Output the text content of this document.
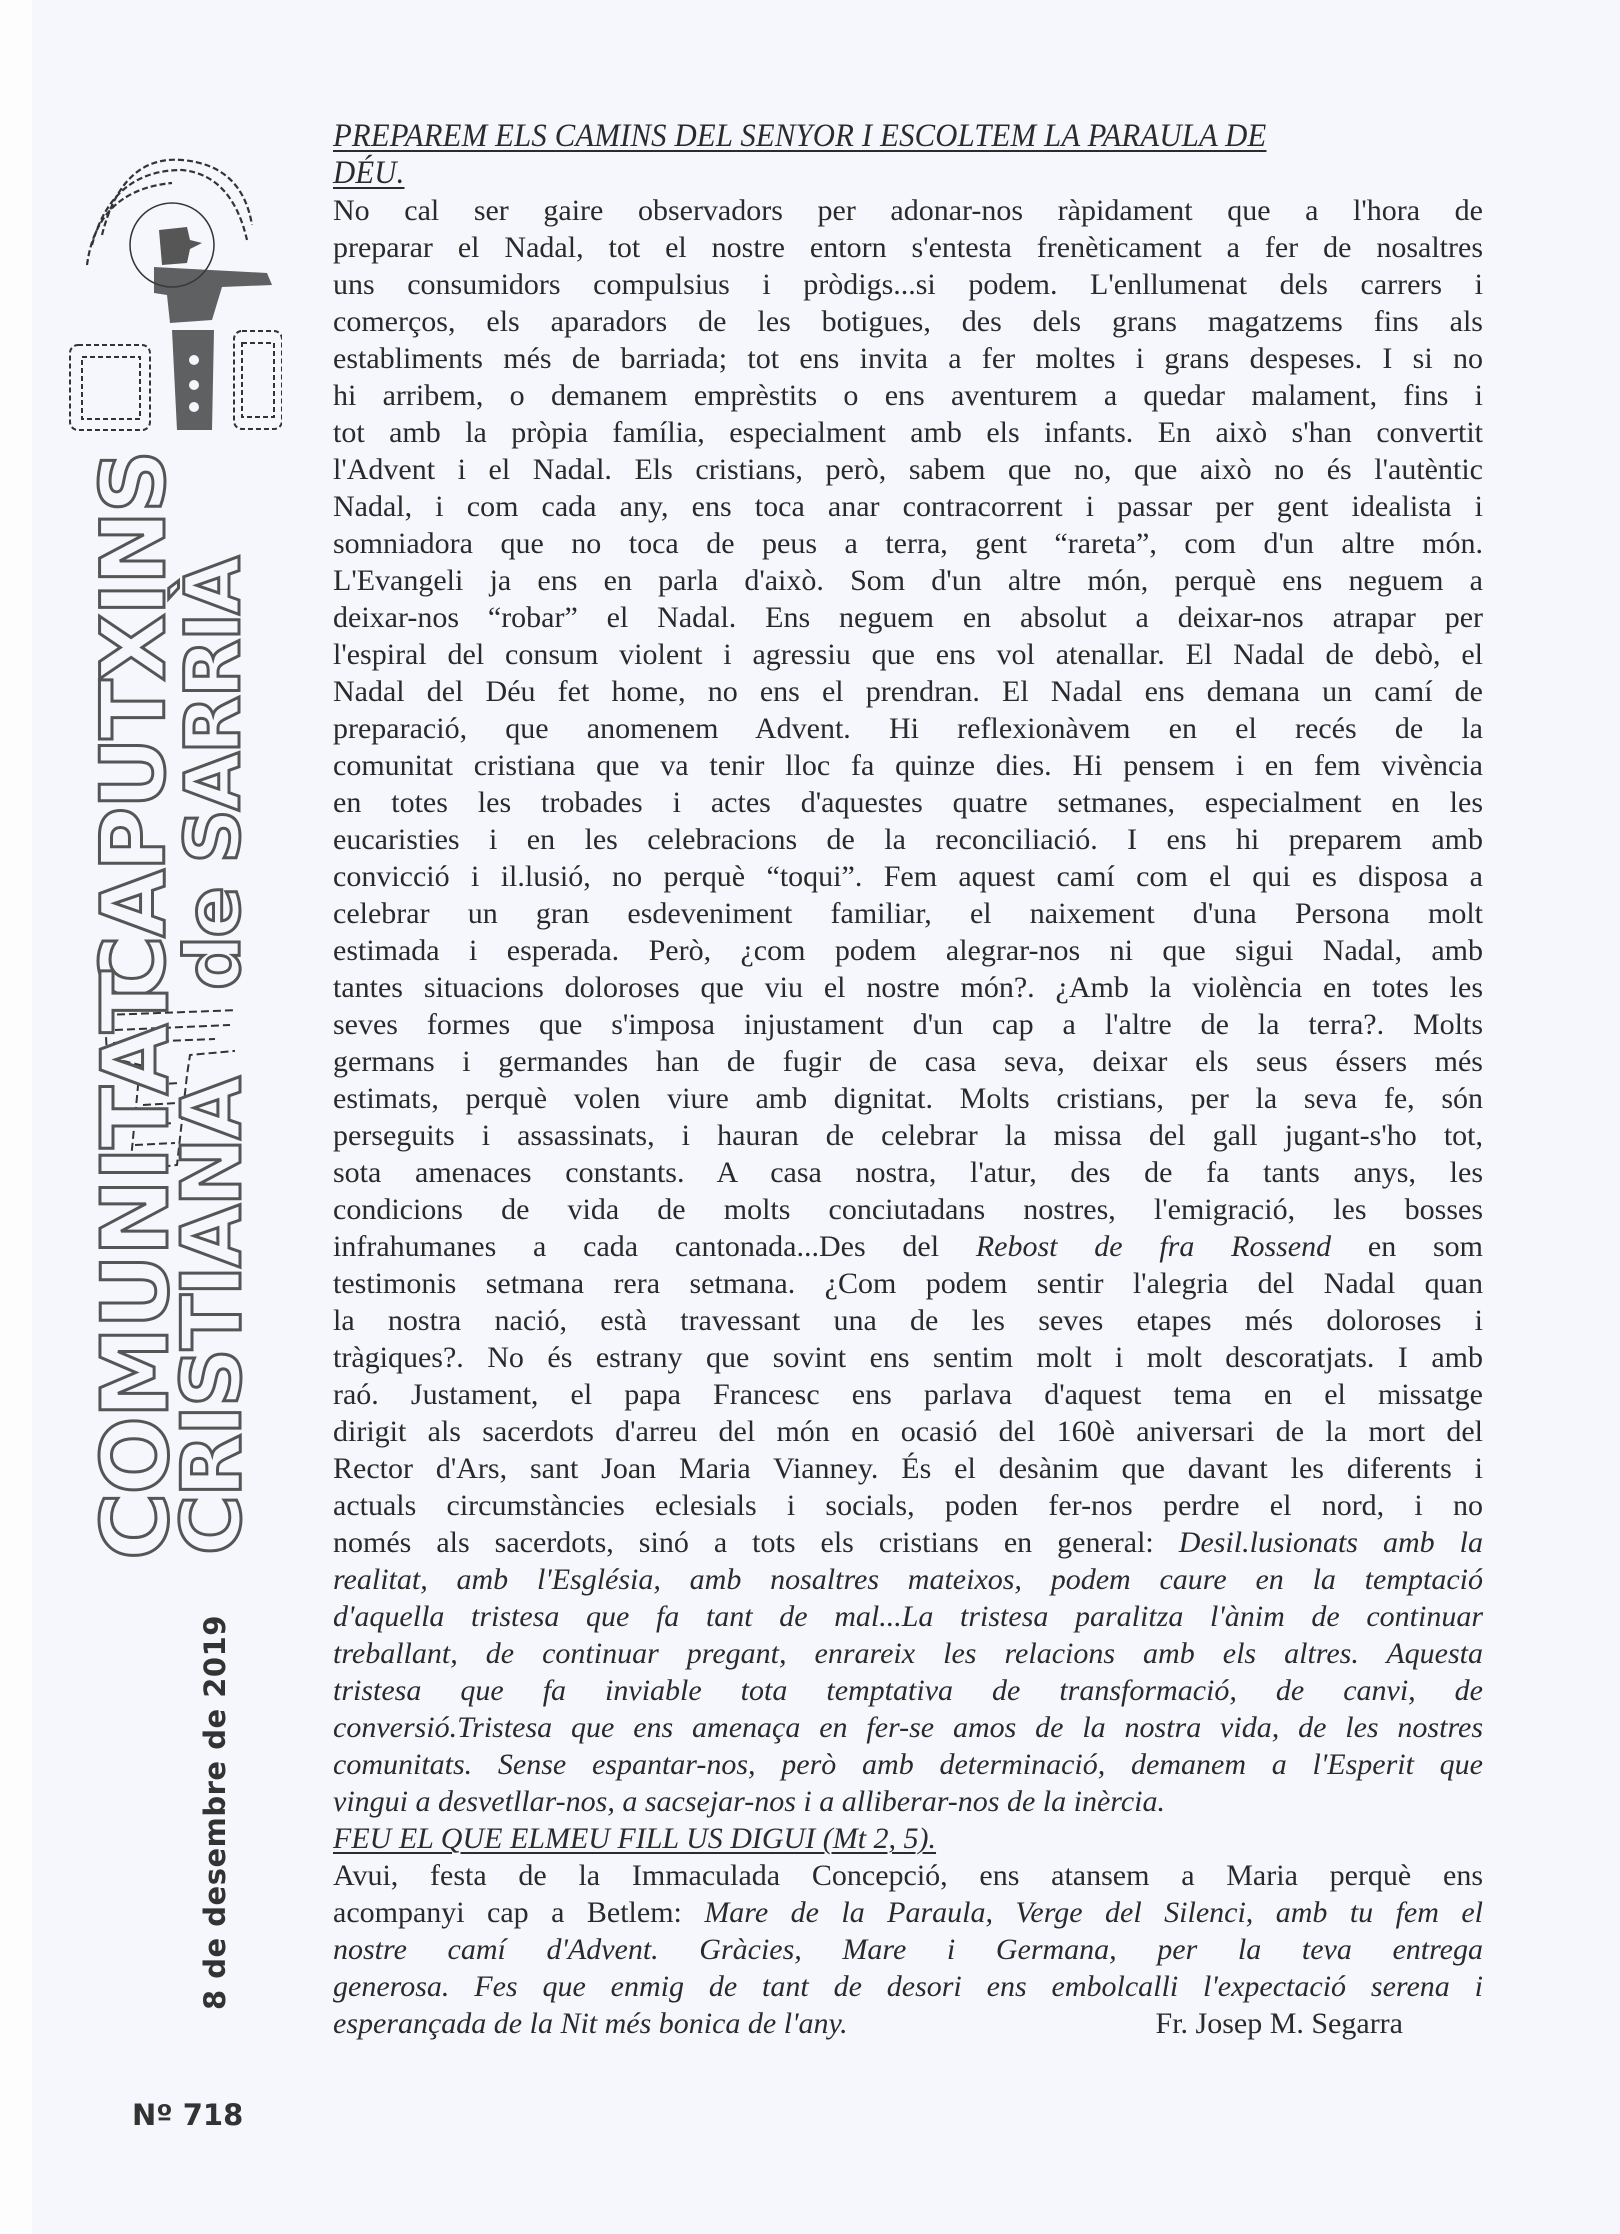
CAPUTXINS
de SARRIÀ
COMUNITAT
CRISTIANA
8 de desembre de 2019
Nº 718
PREPAREM ELS CAMINS DEL SENYOR I ESCOLTEM LA PARAULA DE
DÉU.
No cal ser gaire observadors per adonar-nos ràpidament que a l'hora de
preparar el Nadal, tot el nostre entorn s'entesta frenèticament a fer de nosaltres
uns consumidors compulsius i pròdigs...si podem. L'enllumenat dels carrers i
comerços, els aparadors de les botigues, des dels grans magatzems fins als
establiments més de barriada; tot ens invita a fer moltes i grans despeses. I si no
hi arribem, o demanem emprèstits o ens aventurem a quedar malament, fins i
tot amb la pròpia família, especialment amb els infants. En això s'han convertit
l'Advent i el Nadal. Els cristians, però, sabem que no, que això no és l'autèntic
Nadal, i com cada any, ens toca anar contracorrent i passar per gent idealista i
somniadora que no toca de peus a terra, gent “rareta”, com d'un altre món.
L'Evangeli ja ens en parla d'això. Som d'un altre món, perquè ens neguem a
deixar-nos “robar” el Nadal. Ens neguem en absolut a deixar-nos atrapar per
l'espiral del consum violent i agressiu que ens vol atenallar. El Nadal de debò, el
Nadal del Déu fet home, no ens el prendran. El Nadal ens demana un camí de
preparació, que anomenem Advent. Hi reflexionàvem en el recés de la
comunitat cristiana que va tenir lloc fa quinze dies. Hi pensem i en fem vivència
en totes les trobades i actes d'aquestes quatre setmanes, especialment en les
eucaristies i en les celebracions de la reconciliació. I ens hi preparem amb
convicció i il.lusió, no perquè “toqui”. Fem aquest camí com el qui es disposa a
celebrar un gran esdeveniment familiar, el naixement d'una Persona molt
estimada i esperada. Però, ¿com podem alegrar-nos ni que sigui Nadal, amb
tantes situacions doloroses que viu el nostre món?. ¿Amb la violència en totes les
seves formes que s'imposa injustament d'un cap a l'altre de la terra?. Molts
germans i germandes han de fugir de casa seva, deixar els seus éssers més
estimats, perquè volen viure amb dignitat. Molts cristians, per la seva fe, són
perseguits i assassinats, i hauran de celebrar la missa del gall jugant-s'ho tot,
sota amenaces constants. A casa nostra, l'atur, des de fa tants anys, les
condicions de vida de molts conciutadans nostres, l'emigració, les bosses
infrahumanes a cada cantonada...Des del Rebost de fra Rossend en som
testimonis setmana rera setmana. ¿Com podem sentir l'alegria del Nadal quan
la nostra nació, està travessant una de les seves etapes més doloroses i
tràgiques?. No és estrany que sovint ens sentim molt i molt descoratjats. I amb
raó. Justament, el papa Francesc ens parlava d'aquest tema en el missatge
dirigit als sacerdots d'arreu del món en ocasió del 160è aniversari de la mort del
Rector d'Ars, sant Joan Maria Vianney. És el desànim que davant les diferents i
actuals circumstàncies eclesials i socials, poden fer-nos perdre el nord, i no
només als sacerdots, sinó a tots els cristians en general: Desil.lusionats amb la
realitat, amb l'Església, amb nosaltres mateixos, podem caure en la temptació
d'aquella tristesa que fa tant de mal...La tristesa paralitza l'ànim de continuar
treballant, de continuar pregant, enrareix les relacions amb els altres. Aquesta
tristesa que fa inviable tota temptativa de transformació, de canvi, de
conversió.Tristesa que ens amenaça en fer-se amos de la nostra vida, de les nostres
comunitats. Sense espantar-nos, però amb determinació, demanem a l'Esperit que
vingui a desvetllar-nos, a sacsejar-nos i a alliberar-nos de la inèrcia.
FEU EL QUE ELMEU FILL US DIGUI (Mt 2, 5).
Avui, festa de la Immaculada Concepció, ens atansem a Maria perquè ens
acompanyi cap a Betlem: Mare de la Paraula, Verge del Silenci, amb tu fem el
nostre camí d'Advent. Gràcies, Mare i Germana, per la teva entrega
generosa. Fes que enmig de tant de desori ens embolcalli l'expectació serena i
esperançada de la Nit més bonica de l'any.	Fr. Josep M. Segarra
